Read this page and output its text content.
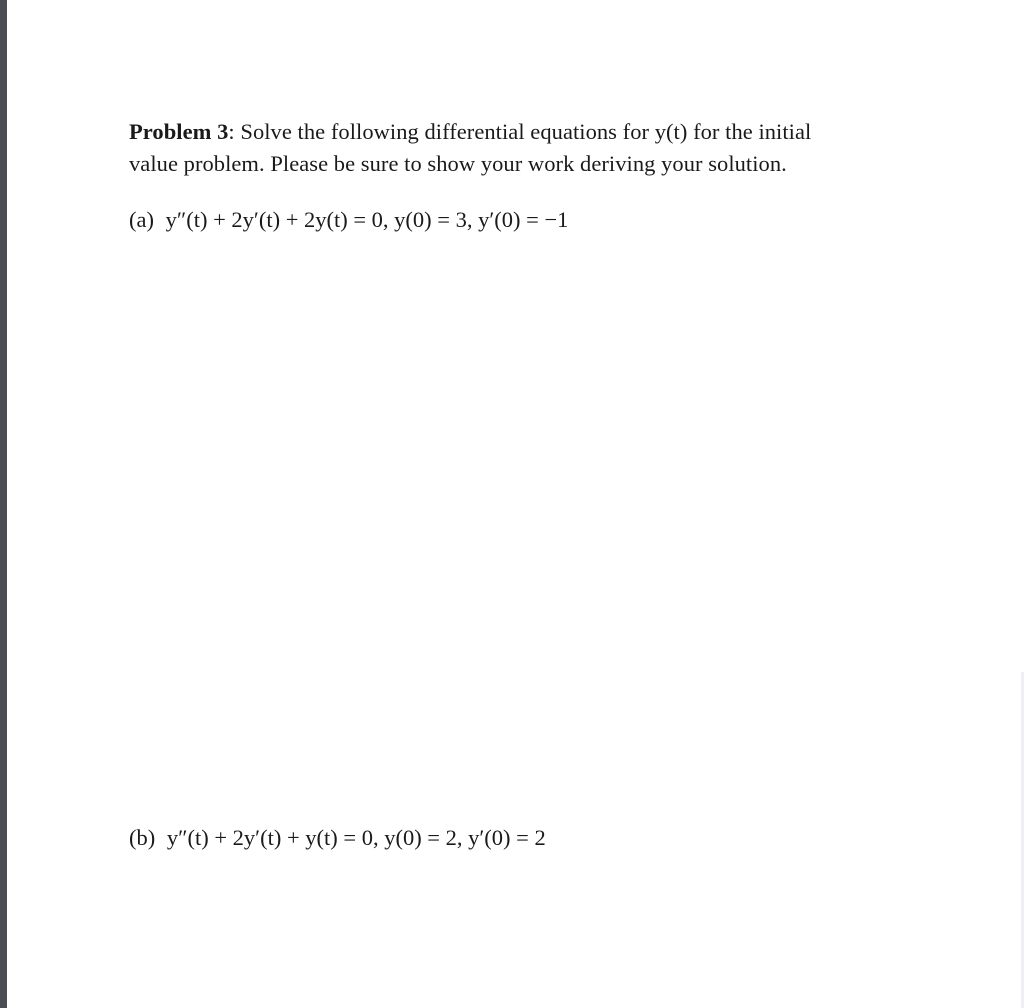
Problem 3: Solve the following differential equations for y(t) for the initial
value problem. Please be sure to show your work deriving your solution.
(a) y″(t) + 2y′(t) + 2y(t) = 0, y(0) = 3, y′(0) = −1
(b) y″(t) + 2y′(t) + y(t) = 0, y(0) = 2, y′(0) = 2
